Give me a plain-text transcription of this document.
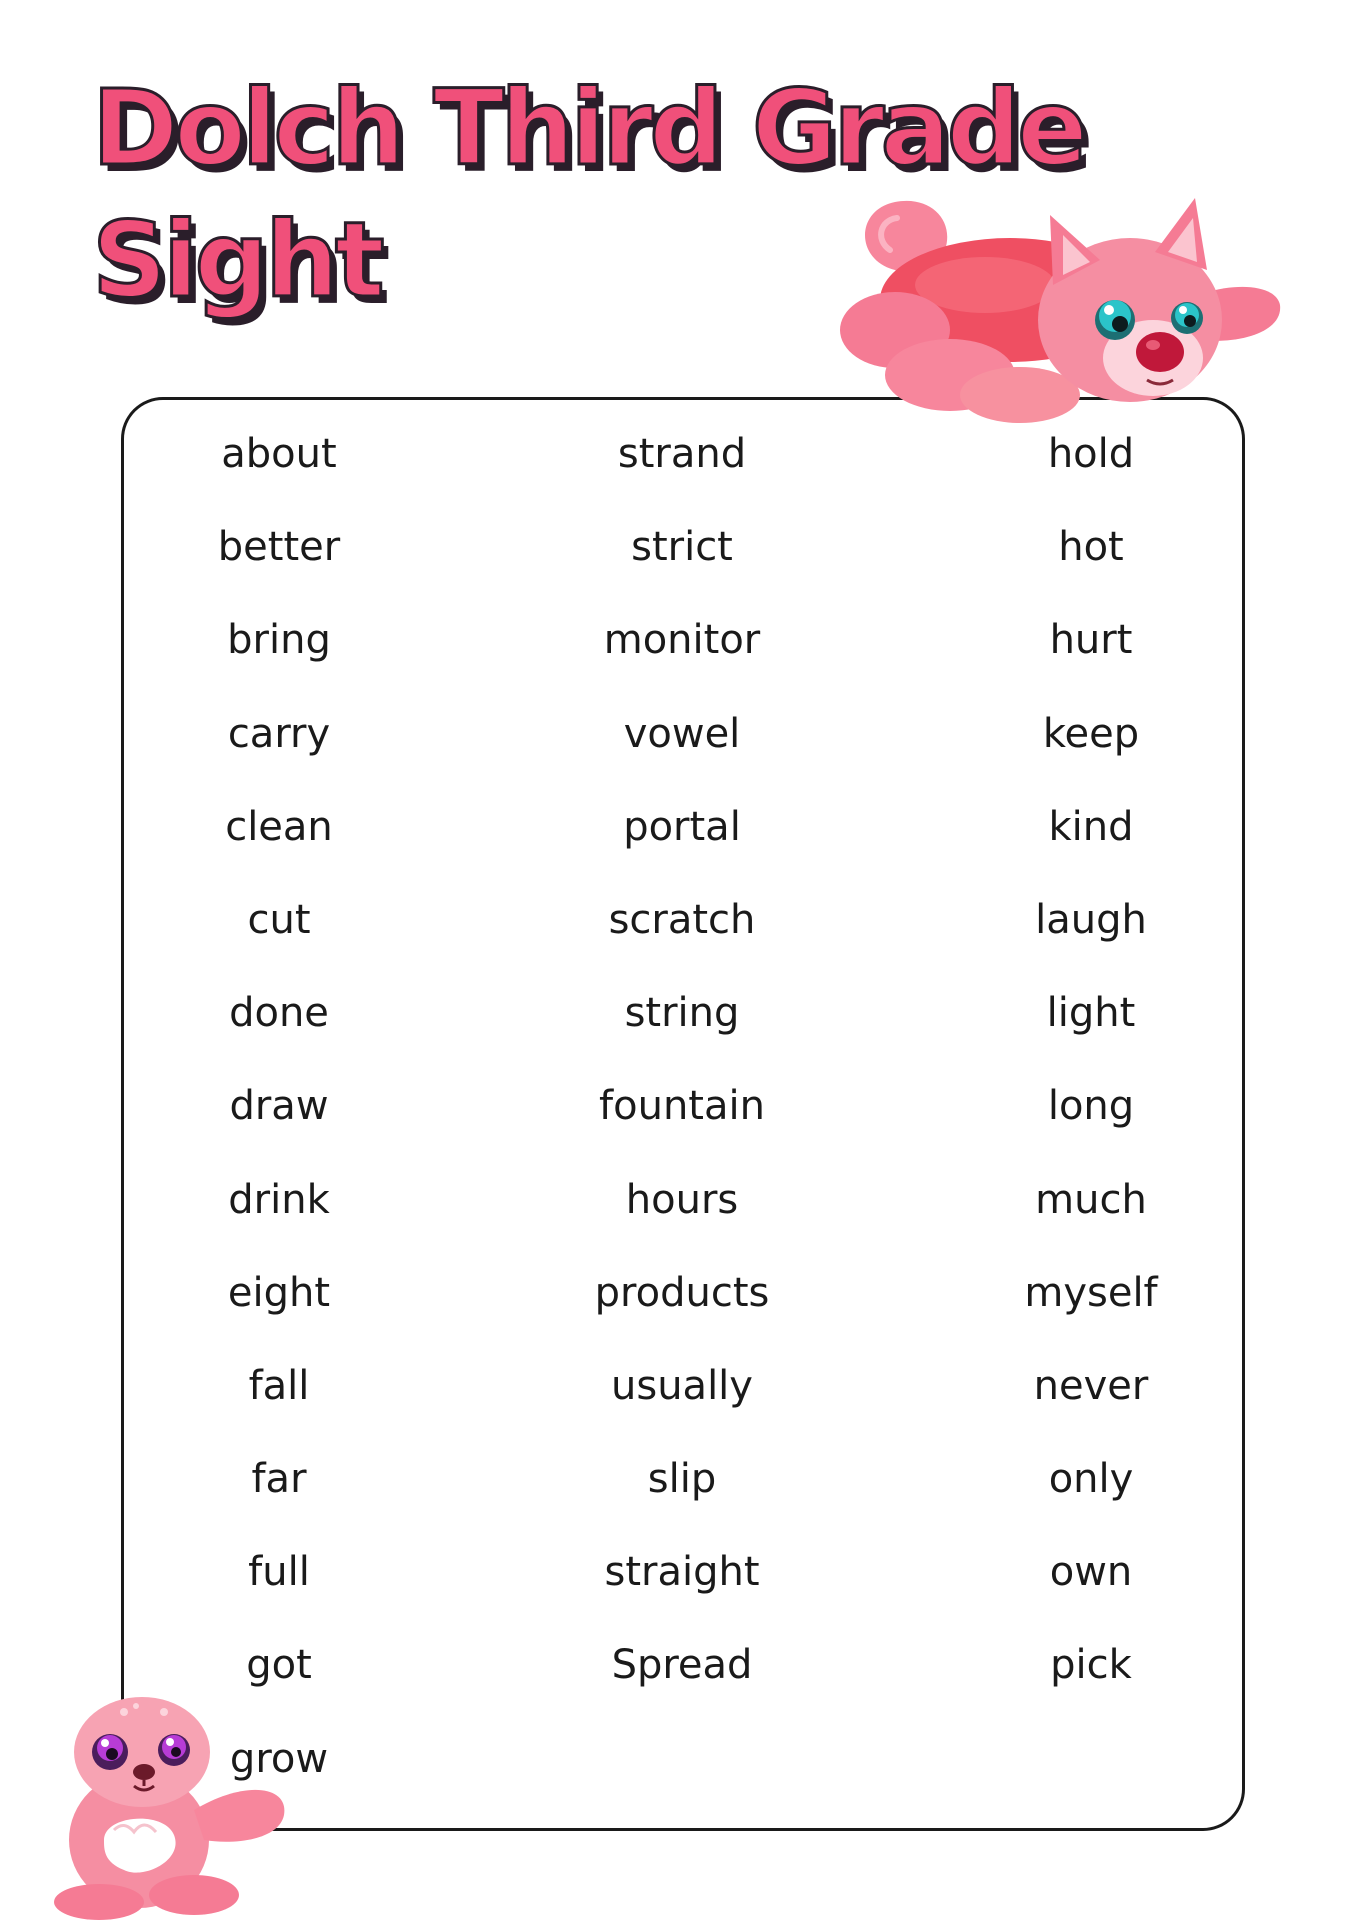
Dolch Third Grade Sight
about
better
bring
carry
clean
cut
done
draw
drink
eight
fall
far
full
got
grow
strand
strict
monitor
vowel
portal
scratch
string
fountain
hours
products
usually
slip
straight
Spread
hold
hot
hurt
keep
kind
laugh
light
long
much
myself
never
only
own
pick
